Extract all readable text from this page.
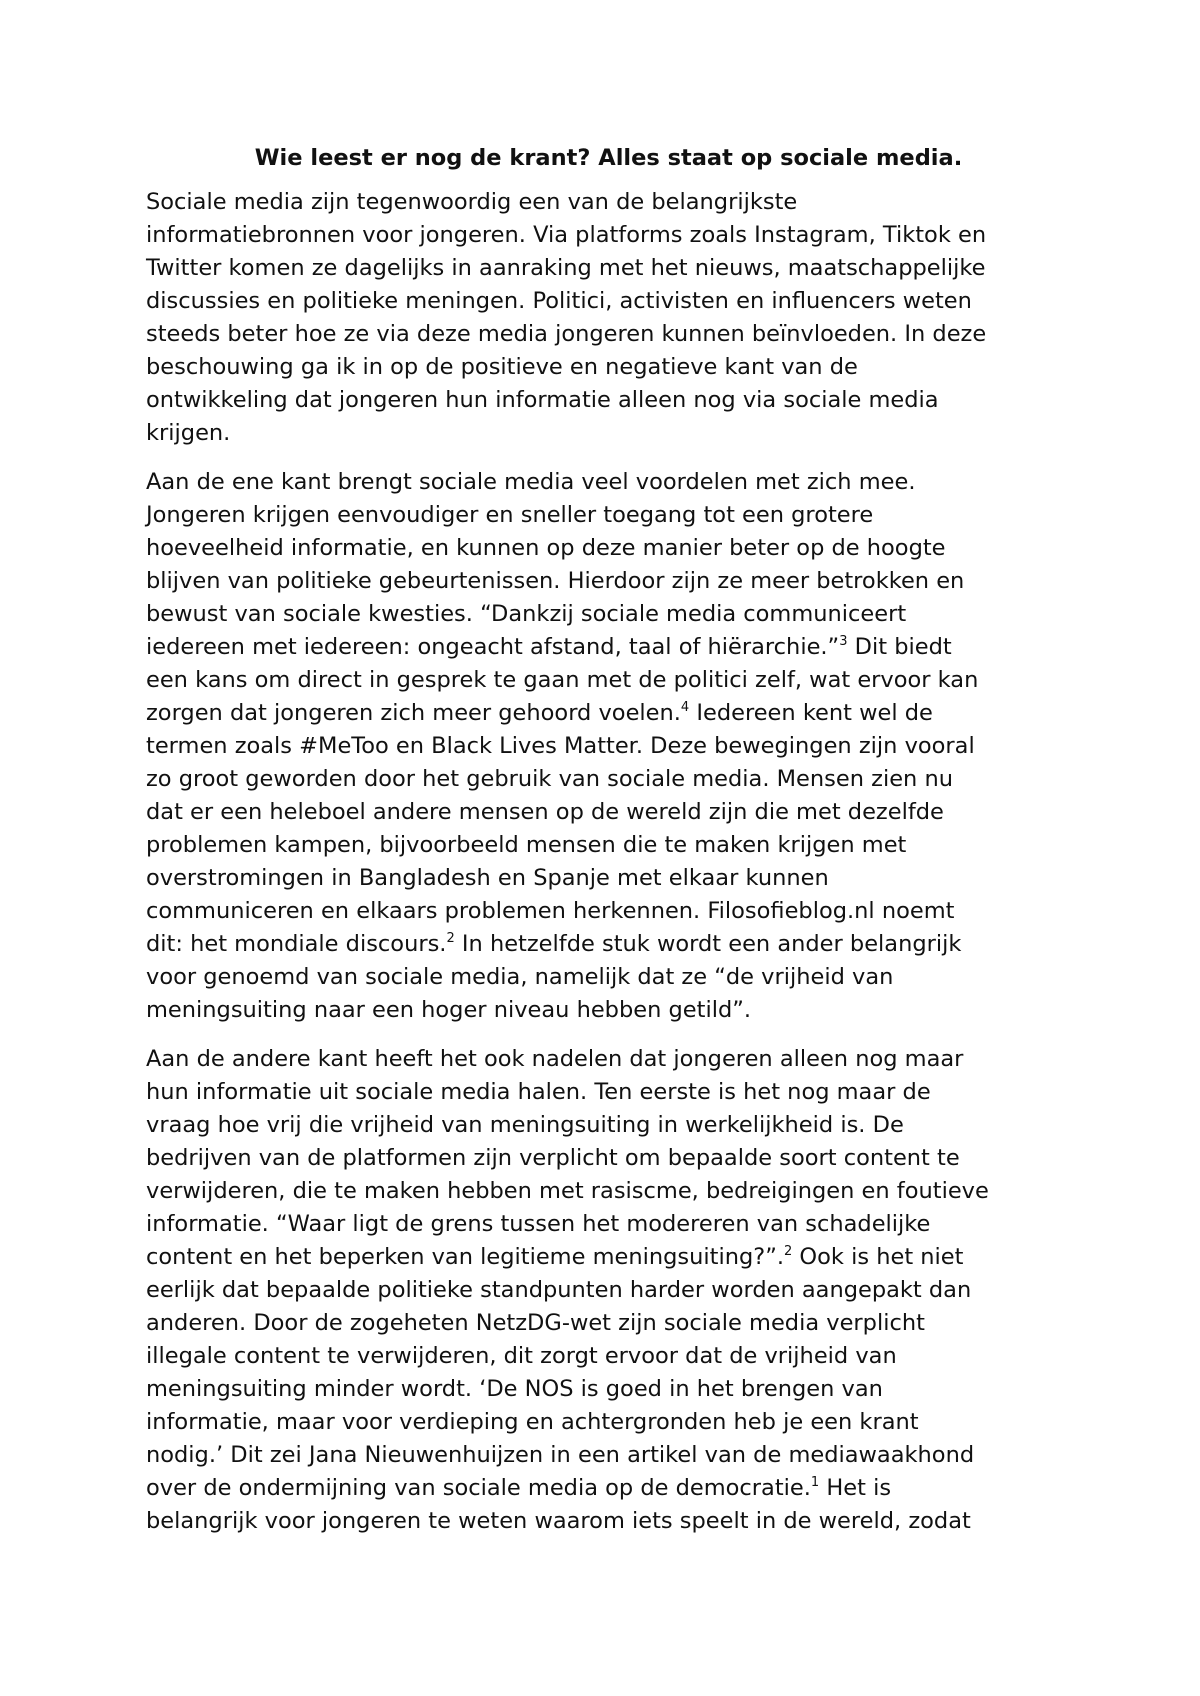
Wie leest er nog de krant? Alles staat op sociale media.
Sociale media zijn tegenwoordig een van de belangrijkste
informatiebronnen voor jongeren. Via platforms zoals Instagram, Tiktok en
Twitter komen ze dagelijks in aanraking met het nieuws, maatschappelijke
discussies en politieke meningen. Politici, activisten en influencers weten
steeds beter hoe ze via deze media jongeren kunnen beïnvloeden. In deze
beschouwing ga ik in op de positieve en negatieve kant van de
ontwikkeling dat jongeren hun informatie alleen nog via sociale media
krijgen.
Aan de ene kant brengt sociale media veel voordelen met zich mee.
Jongeren krijgen eenvoudiger en sneller toegang tot een grotere
hoeveelheid informatie, en kunnen op deze manier beter op de hoogte
blijven van politieke gebeurtenissen. Hierdoor zijn ze meer betrokken en
bewust van sociale kwesties. “Dankzij sociale media communiceert
iedereen met iedereen: ongeacht afstand, taal of hiërarchie.”$^3$ Dit biedt
een kans om direct in gesprek te gaan met de politici zelf, wat ervoor kan
zorgen dat jongeren zich meer gehoord voelen.$^4$ Iedereen kent wel de
termen zoals #MeToo en Black Lives Matter. Deze bewegingen zijn vooral
zo groot geworden door het gebruik van sociale media. Mensen zien nu
dat er een heleboel andere mensen op de wereld zijn die met dezelfde
problemen kampen, bijvoorbeeld mensen die te maken krijgen met
overstromingen in Bangladesh en Spanje met elkaar kunnen
communiceren en elkaars problemen herkennen. Filosofieblog.nl noemt
dit: het mondiale discours.$^2$ In hetzelfde stuk wordt een ander belangrijk
voor genoemd van sociale media, namelijk dat ze “de vrijheid van
meningsuiting naar een hoger niveau hebben getild”.
Aan de andere kant heeft het ook nadelen dat jongeren alleen nog maar
hun informatie uit sociale media halen. Ten eerste is het nog maar de
vraag hoe vrij die vrijheid van meningsuiting in werkelijkheid is. De
bedrijven van de platformen zijn verplicht om bepaalde soort content te
verwijderen, die te maken hebben met rasiscme, bedreigingen en foutieve
informatie. “Waar ligt de grens tussen het modereren van schadelijke
content en het beperken van legitieme meningsuiting?”.$^2$ Ook is het niet
eerlijk dat bepaalde politieke standpunten harder worden aangepakt dan
anderen. Door de zogeheten NetzDG-wet zijn sociale media verplicht
illegale content te verwijderen, dit zorgt ervoor dat de vrijheid van
meningsuiting minder wordt. ‘De NOS is goed in het brengen van
informatie, maar voor verdieping en achtergronden heb je een krant
nodig.’ Dit zei Jana Nieuwenhuijzen in een artikel van de mediawaakhond
over de ondermijning van sociale media op de democratie.$^1$ Het is
belangrijk voor jongeren te weten waarom iets speelt in de wereld, zodat
